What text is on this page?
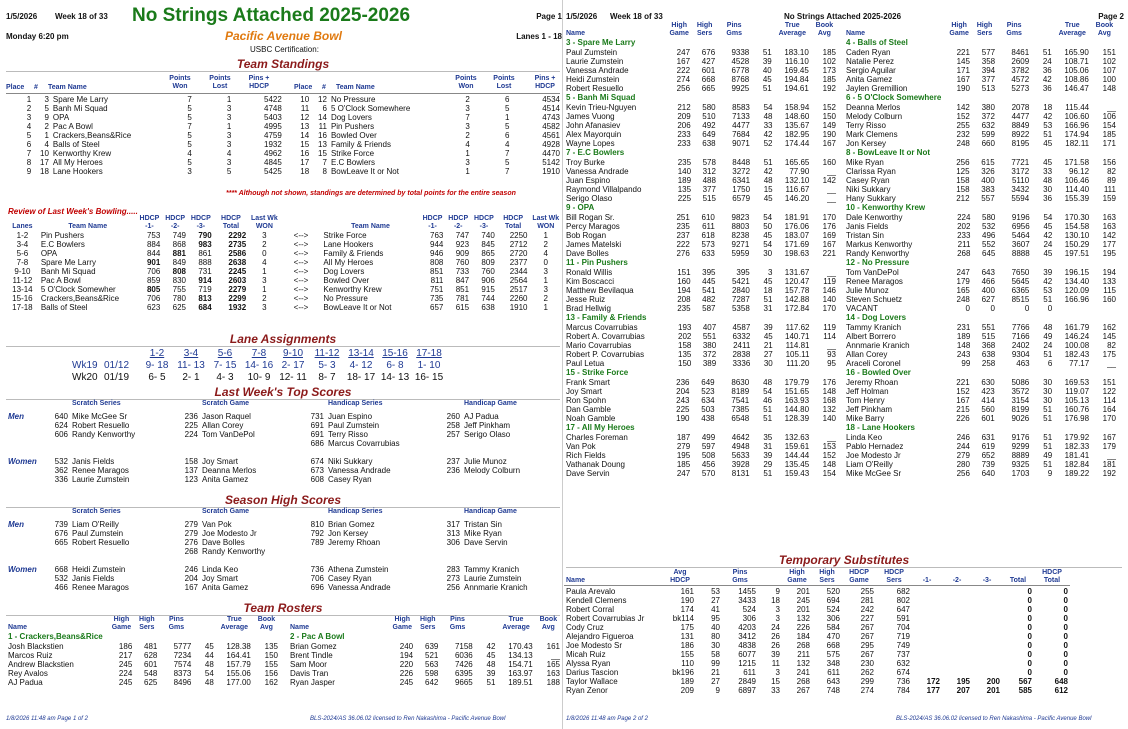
1/5/2026 Week 18 of 33 No Strings Attached 2025-2026	Page 1
Monday 6:20 pm	Pacific Avenue Bowl	Lanes 1 - 18
USBC Certification:
Team Standings
Place # Team Name
Points Won
Points Lost
Pins + HDCP	Place # Team Name
Points Won
Points Lost
Pins + HDCP
1	3	Spare Me Larry	7	1	5422	10	12	No Pressure	2	6	4534
2	5	Banh Mi Squad	5	3	4748	11	6	5 O'Clock Somewhere	3	5	4514
3	9	OPA	5	3	5403	12	14	Dog Lovers	7	1	4743
4	2	Pac A Bowl	7	1	4995	13	11	Pin Pushers	3	5	4582
5	1	Crackers,Beans&Rice	5	3	4759	14	16	Bowled Over	2	6	4561
6	4	Balls of Steel	5	3	1932	15	13	Family & Friends	4	4	4928
7	10	Kenworthy Krew	4	4	4962	16	15	Strike Force	1	7	4470
8	17	All My Heroes	5	3	4845	17	7	E.C Bowlers	3	5	5142
9	18	Lane Hookers	3	5	5425	18	8	BowLeave It or Not	1	7	1910
**** Although not shown, standings are determined by total points for the entire season
Review of Last Week's Bowling.....
Lanes	Team Name	HDCP -1-	HDCP -2-	HDCP -3-	HDCP Total	Last Wk WON		Team Name	HDCP -1-	HDCP -2-	HDCP -3-	HDCP Total	Last Wk WON
1-2	Pin Pushers	753	749	790	2292	3	<-->	Strike Force	763	747	740	2250	1
3-4	E.C Bowlers	884	868	983	2735	2	<-->	Lane Hookers	944	923	845	2712	2
5-6	OPA	844	881	861	2586	0	<-->	Family & Friends	946	909	865	2720	4
7-8	Spare Me Larry	901	849	888	2638	4	<-->	All My Heroes	808	760	809	2377	0
9-10	Banh Mi Squad	706	808	731	2245	1	<-->	Dog Lovers	851	733	760	2344	3
11-12	Pac A Bowl	859	830	914	2603	3	<-->	Bowled Over	811	847	906	2564	1
13-14	5 O'Clock Somewher	805	755	719	2279	1	<-->	Kenworthy Krew	751	851	915	2517	3
15-16	Crackers,Beans&Rice	706	780	813	2299	2	<-->	No Pressure	735	781	744	2260	2
17-18	Balls of Steel	623	625	684	1932	3	<-->	BowLeave It or Not	657	615	638	1910	1
Lane Assignments
		1-2	3-4	5-6	7-8	9-10	11-12	13-14	15-16	17-18
Wk19	01/12	9- 18	11- 13	7- 15	14- 16	2- 17	5- 3	4- 12	6- 8	1- 10
Wk20	01/19	6- 5	2- 1	4- 3	10- 9	12- 11	8- 7	18- 17	14- 13	16- 15
Last Week's Top Scores
		Scratch Series		Scratch Game		Handicap Series		Handicap Game

Men	640	Mike McGee Sr	236	Jason Raquel	731	Juan Espino	260	AJ Padua
	624	Robert Resuello	225	Allan Corey	691	Paul Zumstein	258	Jeff Pinkham
	606	Randy Kenworthy	224	Tom VanDePol	691	Terry Risso	257	Serigo Olaso
					686	Marcus Covarrubias		

Women	532	Janis Fields	158	Joy Smart	674	Niki Sukkary	237	Julie Munoz
	362	Renee Maragos	137	Deanna Merlos	673	Vanessa Andrade	236	Melody Colburn
	336	Laurie Zumstein	123	Anita Gamez	608	Casey Ryan		
Season High Scores
		Scratch Series		Scratch Game		Handicap Series		Handicap Game

Men	739	Liam O'Reilly	279	Van Pok	810	Brian Gomez	317	Tristan Sin
	676	Paul Zumstein	279	Joe Modesto Jr	792	Jon Kersey	313	Mike Ryan
	665	Robert Resuello	276	Dave Bolles	789	Jeremy Rhoan	306	Dave Servin
			268	Randy Kenworthy				

Women	668	Heidi Zumstein	246	Linda Keo	736	Athena Zumstein	283	Tammy Kranich
	532	Janis Fields	204	Joy Smart	706	Casey Ryan	273	Laurie Zumstein
	466	Renee Maragos	167	Anita Gamez	696	Vanessa Andrade	256	Annmarie Kranich
Team Rosters
Name	High Game	High Sers	Pins Gms		True Average	Book Avg
1 - Crackers,Beans&Rice						
Josh Blackstien	186	481	5777	45	128.38	135
Marcos Ruiz	217	628	7234	44	164.41	150
Andrew Blackstien	245	601	7574	48	157.79	155
Rey Avalos	224	548	8373	54	155.06	156
AJ Padua	245	625	8496	48	177.00	162
Name	High Game	High Sers	Pins Gms		True Average	Book Avg
2 - Pac A Bowl						
Brian Gomez	240	639	7158	42	170.43	161
Brent Tindle	194	521	6036	45	134.13	__
Sam Moor	220	563	7426	48	154.71	165
Davis Tran	226	598	6395	39	163.97	163
Ryan Jasper	245	642	9665	51	189.51	188
1/8/2026 11:48 am Page 1 of 2	BLS-2024/AS 36.06.02 licensed to Ren Nakashima - Pacific Avenue Bowl
1/5/2026 Week 18 of 33	No Strings Attached 2025-2026	Page 2
Name	High Game	High Sers	Pins Gms		True Average	Book Avg
3 - Spare Me Larry						
Paul Zumstein	247	676	9338	51	183.10	185
Laurie Zumstein	167	427	4528	39	116.10	102
Vanessa Andrade	222	601	6778	40	169.45	173
Heidi Zumstein	274	668	8768	45	194.84	185
Robert Resuello	256	665	9925	51	194.61	192
5 - Banh Mi Squad						
Kevin Trieu-Nguyen	212	580	8583	54	158.94	152
James Vuong	209	510	7133	48	148.60	150
John Afanasiev	206	492	4477	33	135.67	149
Alex Mayorquin	233	649	7684	42	182.95	190
Wayne Lopes	233	638	9071	52	174.44	167
7 - E.C Bowlers						
Troy Burke	235	578	8448	51	165.65	160
Vanessa Andrade	140	312	3272	42	77.90	__
Juan Espino	189	488	6341	48	132.10	142
Raymond Villalpando	135	377	1750	15	116.67	__
Serigo Olaso	225	515	6579	45	146.20	__
9 - OPA						
Bill Rogan Sr.	251	610	9823	54	181.91	170
Percy Maragos	235	611	8803	50	176.06	176
Bob Rogan	237	618	8238	45	183.07	169
James Matelski	222	573	9271	54	171.69	167
Dave Bolles	276	633	5959	30	198.63	221
11 - Pin Pushers						
Ronald Willis	151	395	395	3	131.67	__
Kim Boscacci	160	445	5421	45	120.47	119
Matthew Bevilaqua	194	541	2840	18	157.78	146
Jesse Ruiz	208	482	7287	51	142.88	140
Brad Hellwig	235	587	5358	31	172.84	170
13 - Family & Friends						
Marcus Covarrubias	193	407	4587	39	117.62	119
Robert A. Covarrubias	202	551	6332	45	140.71	114
Mario Covarrubias	158	380	2411	21	114.81	__
Robert P. Covarrubias	135	372	2838	27	105.11	93
Paul Letua	150	389	3336	30	111.20	95
15 - Strike Force						
Frank Smart	236	649	8630	48	179.79	176
Joy Smart	204	523	8189	54	151.65	148
Ron Spohn	243	634	7541	46	163.93	168
Dan Gamble	225	503	7385	51	144.80	132
Noah Gamble	190	438	6548	51	128.39	140
17 - All My Heroes						
Charles Foreman	187	499	4642	35	132.63	__
Van Pok	279	597	4948	31	159.61	153
Rich Fields	195	508	5633	39	144.44	152
Vathanak Doung	185	456	3928	29	135.45	148
Dave Servin	247	570	8131	51	159.43	154
Name	High Game	High Sers	Pins Gms		True Average	Book Avg
4 - Balls of Steel						
Caden Ryan	221	577	8461	51	165.90	151
Natalie Perez	145	358	2609	24	108.71	102
Sergio Aguilar	171	394	3782	36	105.06	107
Anita Gamez	167	377	4572	42	108.86	100
Jaylen Gremillion	190	513	5273	36	146.47	148
6 - 5 O'Clock Somewhere						
Deanna Merlos	142	380	2078	18	115.44	__
Melody Colburn	152	372	4477	42	106.60	106
Terry Risso	255	632	8849	53	166.96	154
Mark Clemens	232	599	8922	51	174.94	185
Jon Kersey	248	660	8195	45	182.11	171
8 - BowLeave It or Not						
Mike Ryan	256	615	7721	45	171.58	156
Clarissa Ryan	125	326	3172	33	96.12	82
Casey Ryan	158	400	5110	48	106.46	89
Niki Sukkary	158	383	3432	30	114.40	111
Hany Sukkary	212	557	5594	36	155.39	159
10 - Kenworthy Krew						
Dale Kenworthy	224	580	9196	54	170.30	163
Janis Fields	202	532	6956	45	154.58	163
Tristan Sin	233	496	5464	42	130.10	142
Markus Kenworthy	211	552	3607	24	150.29	177
Randy Kenworthy	268	645	8888	45	197.51	195
12 - No Pressure						
Tom VanDePol	247	643	7650	39	196.15	194
Renee Maragos	179	466	5645	42	134.40	133
Julie Munoz	165	400	6365	53	120.09	115
Steven Schuetz	248	627	8515	51	166.96	160
VACANT	0	0	0	0		
14 - Dog Lovers						
Tammy Kranich	231	551	7766	48	161.79	162
Albert Borrero	189	515	7166	49	146.24	145
Annmarie Kranich	148	368	2402	24	100.08	82
Allan Corey	243	638	9304	51	182.43	175
Araceli Coronel	99	258	463	6	77.17	__
16 - Bowled Over						
Jeremy Rhoan	221	630	5086	30	169.53	151
Jeff Holman	152	423	3572	30	119.07	122
Tom Henry	167	414	3154	30	105.13	114
Jeff Pinkham	215	560	8199	51	160.76	164
Mike Barry	226	601	9026	51	176.98	170
18 - Lane Hookers						
Linda Keo	246	631	9176	51	179.92	167
Pablo Hernadez	244	619	9299	51	182.33	179
Joe Modesto Jr	279	652	8889	49	181.41	__
Liam O'Reilly	280	739	9325	51	182.84	181
Mike McGee Sr	256	640	1703	9	189.22	192
Temporary Substitutes
Name	Avg HDCP		Pins Gms		High Game	High Sers	HDCP Game	HDCP Sers	-1-	-2-	-3-	Total	HDCP Total

Paula Arevalo	161	53	1455	9	201	520	255	682				0	0
Kendell Clemens	190	27	3433	18	245	694	281	802				0	0
Robert Corral	174	41	524	3	201	524	242	647				0	0
Robert Covarrubias Jr	bk114	95	306	3	132	306	227	591				0	0
Cody Cruz	175	40	4203	24	226	584	267	704				0	0
Alejandro Figueroa	131	80	3412	26	184	470	267	719				0	0
Joe Modesto Sr	186	30	4838	26	268	668	295	749				0	0
Micah Ruiz	155	58	6077	39	211	575	267	737				0	0
Alyssa Ryan	110	99	1215	11	132	348	230	632				0	0
Darius Tascion	bk196	21	611	3	241	611	262	674				0	0
Taylor Wallace	189	27	2849	15	268	643	299	736	172	195	200	567	648
Ryan Zenor	209	9	6897	33	267	748	274	784	177	207	201	585	612
1/8/2026 11:48 am Page 2 of 2	BLS-2024/AS 36.06.02 licensed to Ren Nakashima - Pacific Avenue Bowl
